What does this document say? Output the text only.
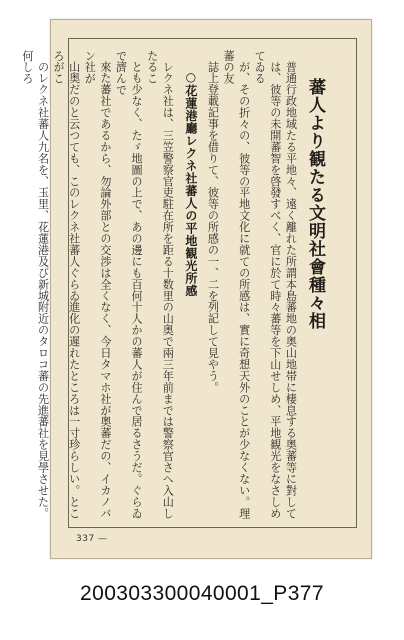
蕃人より観たる文明社會種々相

普通行政地域たる平地々、遠く離れた所謂本島蕃地の奥山地帯に棲息する奥蕃等に對して
は、彼等の未開蕃智を啓發すべく、官に於て時々蕃等を下山せしめ、平地観光をなさしめてゐる
が、その折々の、彼等の平地文化に就ての所感は、實に奇想天外のことが少なくない。理蕃の友
誌上登載記事を借りて、彼等の所感の一、二を列記して見やう。

○花蓮港廳レクネ社蕃人の平地観光所感

レクネ社は、三笠警察官吏駐在所を距る十数里の山奥で兩三年前までは警察官さへ入山したるこ
とも少なく、たゞ地圖の上で、あの邊にも百何十人かの蕃人が住んで居るさうだ。ぐらゐで濟んで
來た蕃社であるから、勿論外部との交渉は全くなく、今日タマホ社が奥蕃だの、イカノバン社が
山奥だのと云つても、このレクネ社蕃人ぐらゐ進化の遲れたところは一寸珍らしい。ところがこ
のレクネ社蕃人九名を、玉里、花蓮港及び新城附近のタロコ蕃の先進蕃社を見學させた。何しろ

337 —
200303300040001_P377
